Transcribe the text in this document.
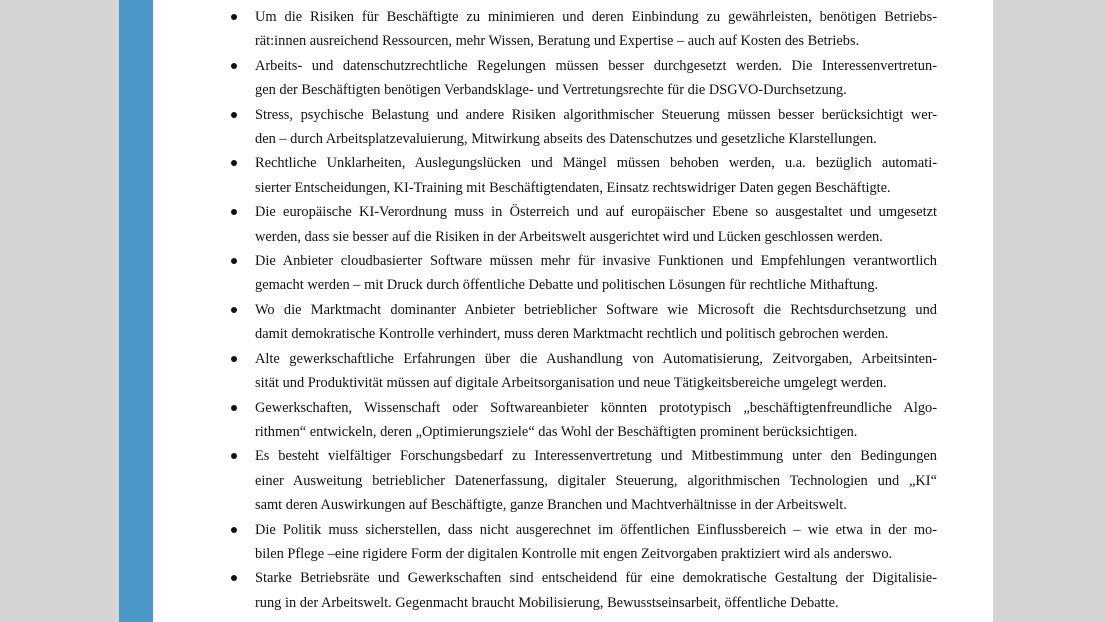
Um die Risiken für Beschäftigte zu minimieren und deren Einbindung zu gewährleisten, benötigen Betriebs-
rät:innen ausreichend Ressourcen, mehr Wissen, Beratung und Expertise – auch auf Kosten des Betriebs.
Arbeits- und datenschutzrechtliche Regelungen müssen besser durchgesetzt werden. Die Interessenvertretun-
gen der Beschäftigten benötigen Verbandsklage- und Vertretungsrechte für die DSGVO-Durchsetzung.
Stress, psychische Belastung und andere Risiken algorithmischer Steuerung müssen besser berücksichtigt wer-
den – durch Arbeitsplatzevaluierung, Mitwirkung abseits des Datenschutzes und gesetzliche Klarstellungen.
Rechtliche Unklarheiten, Auslegungslücken und Mängel müssen behoben werden, u.a. bezüglich automati-
sierter Entscheidungen, KI-Training mit Beschäftigtendaten, Einsatz rechtswidriger Daten gegen Beschäftigte.
Die europäische KI-Verordnung muss in Österreich und auf europäischer Ebene so ausgestaltet und umgesetzt
werden, dass sie besser auf die Risiken in der Arbeitswelt ausgerichtet wird und Lücken geschlossen werden.
Die Anbieter cloudbasierter Software müssen mehr für invasive Funktionen und Empfehlungen verantwortlich
gemacht werden – mit Druck durch öffentliche Debatte und politischen Lösungen für rechtliche Mithaftung.
Wo die Marktmacht dominanter Anbieter betrieblicher Software wie Microsoft die Rechtsdurchsetzung und
damit demokratische Kontrolle verhindert, muss deren Marktmacht rechtlich und politisch gebrochen werden.
Alte gewerkschaftliche Erfahrungen über die Aushandlung von Automatisierung, Zeitvorgaben, Arbeitsinten-
sität und Produktivität müssen auf digitale Arbeitsorganisation und neue Tätigkeitsbereiche umgelegt werden.
Gewerkschaften, Wissenschaft oder Softwareanbieter könnten prototypisch „beschäftigtenfreundliche Algo-
rithmen“ entwickeln, deren „Optimierungsziele“ das Wohl der Beschäftigten prominent berücksichtigen.
Es besteht vielfältiger Forschungsbedarf zu Interessenvertretung und Mitbestimmung unter den Bedingungen
einer Ausweitung betrieblicher Datenerfassung, digitaler Steuerung, algorithmischen Technologien und „KI“
samt deren Auswirkungen auf Beschäftigte, ganze Branchen und Machtverhältnisse in der Arbeitswelt.
Die Politik muss sicherstellen, dass nicht ausgerechnet im öffentlichen Einflussbereich – wie etwa in der mo-
bilen Pflege –eine rigidere Form der digitalen Kontrolle mit engen Zeitvorgaben praktiziert wird als anderswo.
Starke Betriebsräte und Gewerkschaften sind entscheidend für eine demokratische Gestaltung der Digitalisie-
rung in der Arbeitswelt. Gegenmacht braucht Mobilisierung, Bewusstseinsarbeit, öffentliche Debatte.
